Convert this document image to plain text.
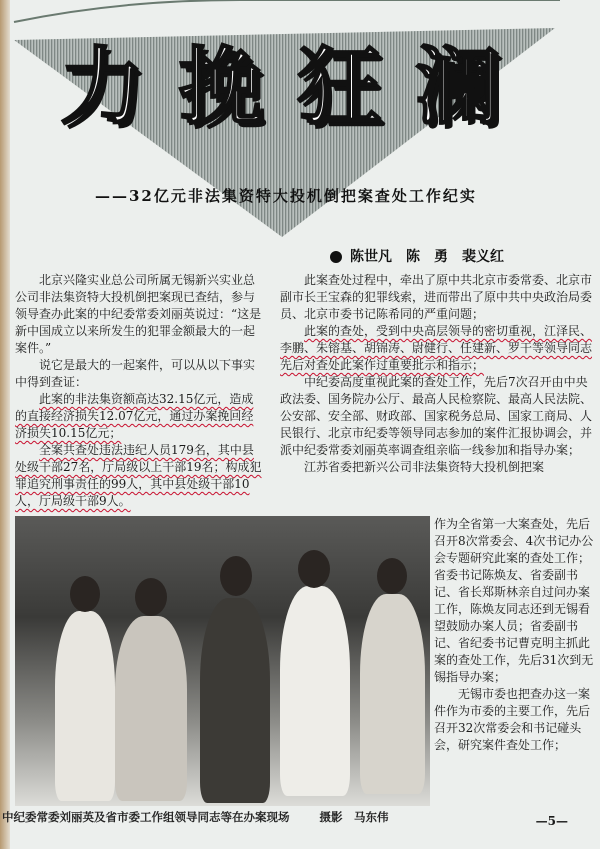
力 挽 狂 澜
——32亿元非法集资特大投机倒把案查处工作纪实
陈世凡　陈　勇　裴义红

北京兴隆实业总公司所属无锡新兴实业总公司非法集资特大投机倒把案现已查结，参与领导查办此案的中纪委常委刘丽英说过：“这是新中国成立以来所发生的犯罪金额最大的一起案件。”

说它是最大的一起案件，可以从以下事实中得到查证：

此案的非法集资额高达32.15亿元，造成的直接经济损失12.07亿元，通过办案挽回经济损失10.15亿元；

全案共查处违法违纪人员179名，其中县处级干部27名，厅局级以上干部19名；构成犯罪追究刑事责任的99人，其中县处级干部10人，厅局级干部9人。

此案查处过程中，牵出了原中共北京市委常委、北京市副市长王宝森的犯罪线索，进而带出了原中共中央政治局委员、北京市委书记陈希同的严重问题；

此案的查处，受到中央高层领导的密切重视，江泽民、李鹏、朱镕基、胡锦涛、尉健行、任建新、罗干等领导同志先后对查处此案作过重要批示和指示；

中纪委高度重视此案的查处工作，先后7次召开由中央政法委、国务院办公厅、最高人民检察院、最高人民法院、公安部、安全部、财政部、国家税务总局、国家工商局、人民银行、北京市纪委等领导同志参加的案件汇报协调会，并派中纪委常委刘丽英率调查组亲临一线参加和指导办案；

江苏省委把新兴公司非法集资特大投机倒把案

作为全省第一大案查处，先后召开8次常委会、4次书记办公会专题研究此案的查处工作；省委书记陈焕友、省委副书记、省长郑斯林亲自过问办案工作，陈焕友同志还到无锡看望鼓励办案人员；省委副书记、省纪委书记曹克明主抓此案的查处工作，先后31次到无锡指导办案；

无锡市委也把查办这一案件作为市委的主要工作，先后召开32次常委会和书记碰头会，研究案件查处工作；

中纪委常委刘丽英及省市委工作组领导同志等在办案现场	摄影　马东伟	—5—
